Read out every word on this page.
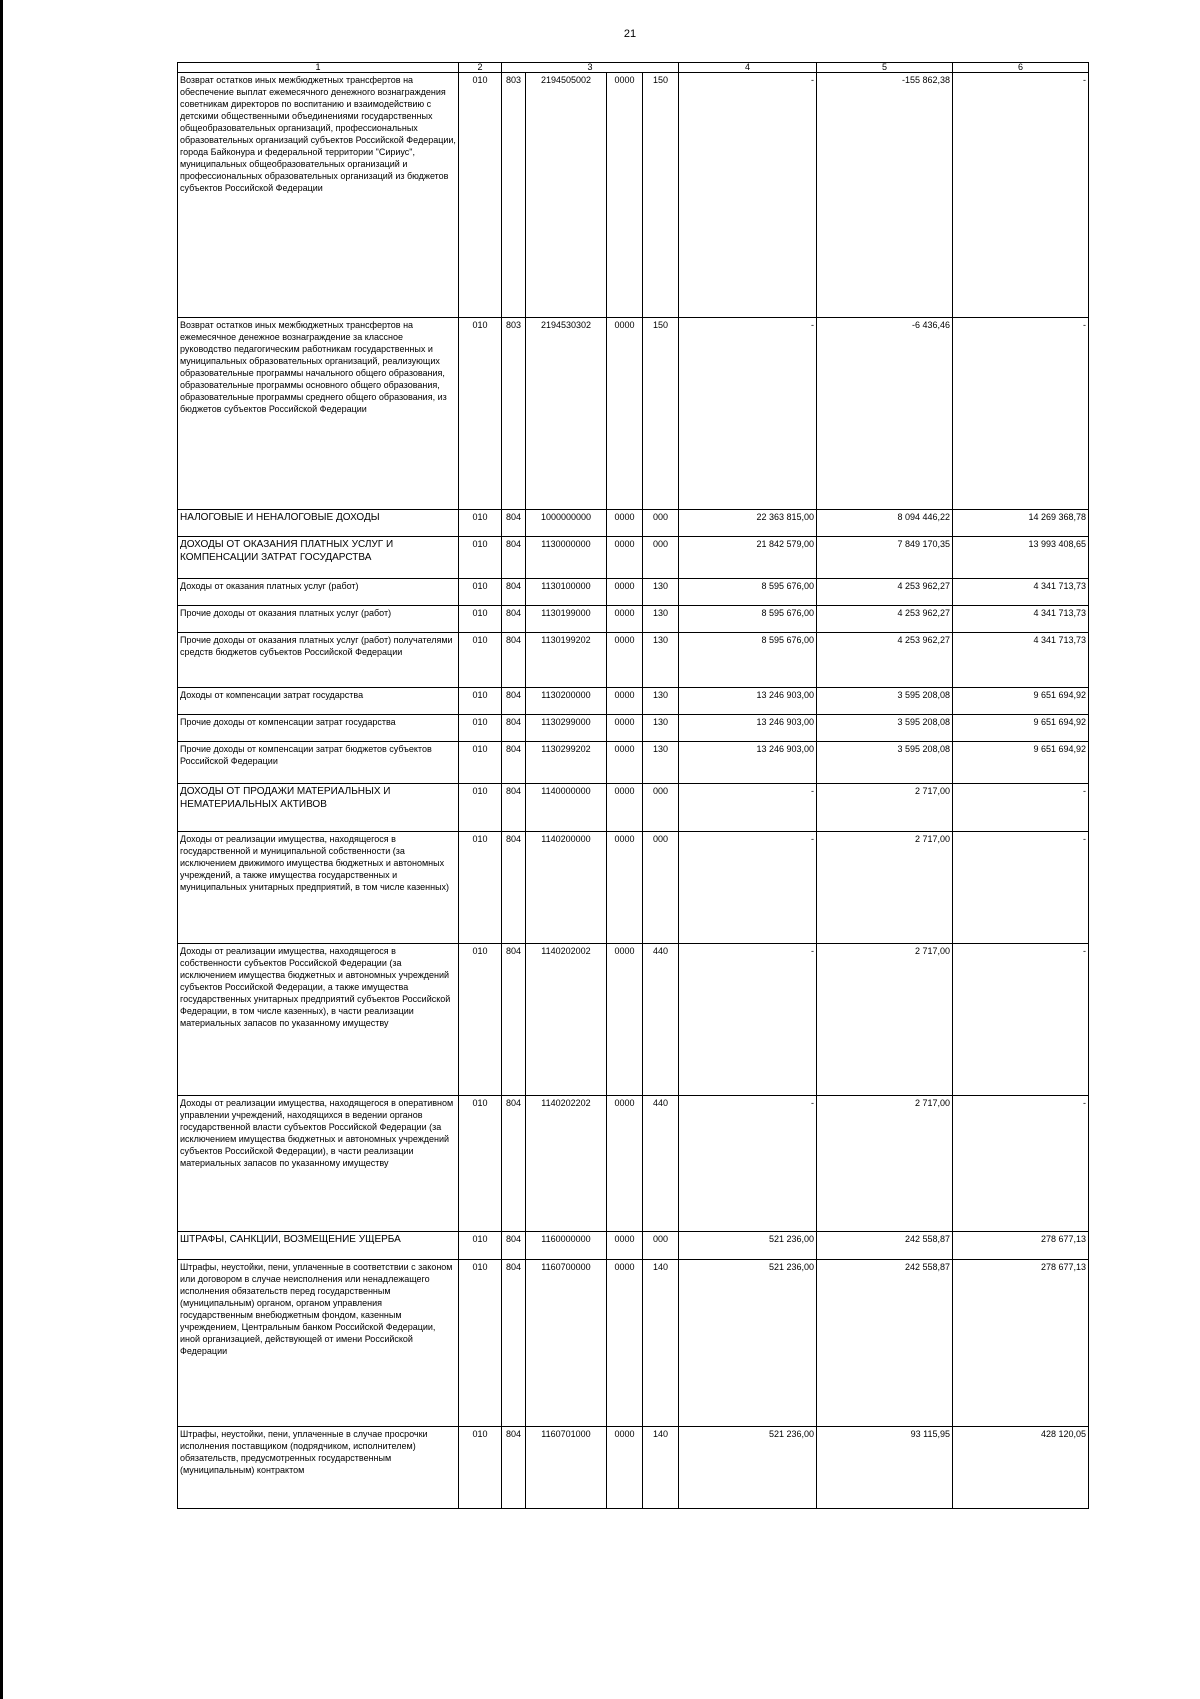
21
1	2	3				4	5	6
Возврат остатков иных межбюджетных трансфертов на обеспечение выплат ежемесячного денежного вознаграждения советникам директоров по воспитанию и взаимодействию с детскими общественными объединениями государственных общеобразовательных организаций, профессиональных образовательных организаций субъектов Российской Федерации, города Байконура и федеральной территории "Сириус", муниципальных общеобразовательных организаций и профессиональных образовательных организаций из бюджетов субъектов Российской Федерации	010	803	2194505002	0000	150	-	-155 862,38	-
Возврат остатков иных межбюджетных трансфертов на ежемесячное денежное вознаграждение за классное руководство педагогическим работникам государственных и муниципальных образовательных организаций, реализующих образовательные программы начального общего образования, образовательные программы основного общего образования, образовательные программы среднего общего образования, из бюджетов субъектов Российской Федерации	010	803	2194530302	0000	150	-	-6 436,46	-
НАЛОГОВЫЕ И НЕНАЛОГОВЫЕ ДОХОДЫ	010	804	1000000000	0000	000	22 363 815,00	8 094 446,22	14 269 368,78
ДОХОДЫ ОТ ОКАЗАНИЯ ПЛАТНЫХ УСЛУГ И КОМПЕНСАЦИИ ЗАТРАТ ГОСУДАРСТВА	010	804	1130000000	0000	000	21 842 579,00	7 849 170,35	13 993 408,65
Доходы от оказания платных услуг (работ)	010	804	1130100000	0000	130	8 595 676,00	4 253 962,27	4 341 713,73
Прочие доходы от оказания платных услуг (работ)	010	804	1130199000	0000	130	8 595 676,00	4 253 962,27	4 341 713,73
Прочие доходы от оказания платных услуг (работ) получателями средств бюджетов субъектов Российской Федерации	010	804	1130199202	0000	130	8 595 676,00	4 253 962,27	4 341 713,73
Доходы от компенсации затрат государства	010	804	1130200000	0000	130	13 246 903,00	3 595 208,08	9 651 694,92
Прочие доходы от компенсации затрат государства	010	804	1130299000	0000	130	13 246 903,00	3 595 208,08	9 651 694,92
Прочие доходы от компенсации затрат бюджетов субъектов Российской Федерации	010	804	1130299202	0000	130	13 246 903,00	3 595 208,08	9 651 694,92
ДОХОДЫ ОТ ПРОДАЖИ МАТЕРИАЛЬНЫХ И НЕМАТЕРИАЛЬНЫХ АКТИВОВ	010	804	1140000000	0000	000	-	2 717,00	-
Доходы от реализации имущества, находящегося в государственной и муниципальной собственности (за исключением движимого имущества бюджетных и автономных учреждений, а также имущества государственных и муниципальных унитарных предприятий, в том числе казенных)	010	804	1140200000	0000	000	-	2 717,00	-
Доходы от реализации имущества, находящегося в собственности субъектов Российской Федерации (за исключением имущества бюджетных и автономных учреждений субъектов Российской Федерации, а также имущества государственных унитарных предприятий субъектов Российской Федерации, в том числе казенных), в части реализации материальных запасов по указанному имуществу	010	804	1140202002	0000	440	-	2 717,00	-
Доходы от реализации имущества, находящегося в оперативном управлении учреждений, находящихся в ведении органов государственной власти субъектов Российской Федерации (за исключением имущества бюджетных и автономных учреждений субъектов Российской Федерации), в части реализации материальных запасов по указанному имуществу	010	804	1140202202	0000	440	-	2 717,00	-
ШТРАФЫ, САНКЦИИ, ВОЗМЕЩЕНИЕ УЩЕРБА	010	804	1160000000	0000	000	521 236,00	242 558,87	278 677,13
Штрафы, неустойки, пени, уплаченные в соответствии с законом или договором в случае неисполнения или ненадлежащего исполнения обязательств перед государственным (муниципальным) органом, органом управления государственным внебюджетным фондом, казенным учреждением, Центральным банком Российской Федерации, иной организацией, действующей от имени Российской Федерации	010	804	1160700000	0000	140	521 236,00	242 558,87	278 677,13
Штрафы, неустойки, пени, уплаченные в случае просрочки исполнения поставщиком (подрядчиком, исполнителем) обязательств, предусмотренных государственным (муниципальным) контрактом	010	804	1160701000	0000	140	521 236,00	93 115,95	428 120,05
